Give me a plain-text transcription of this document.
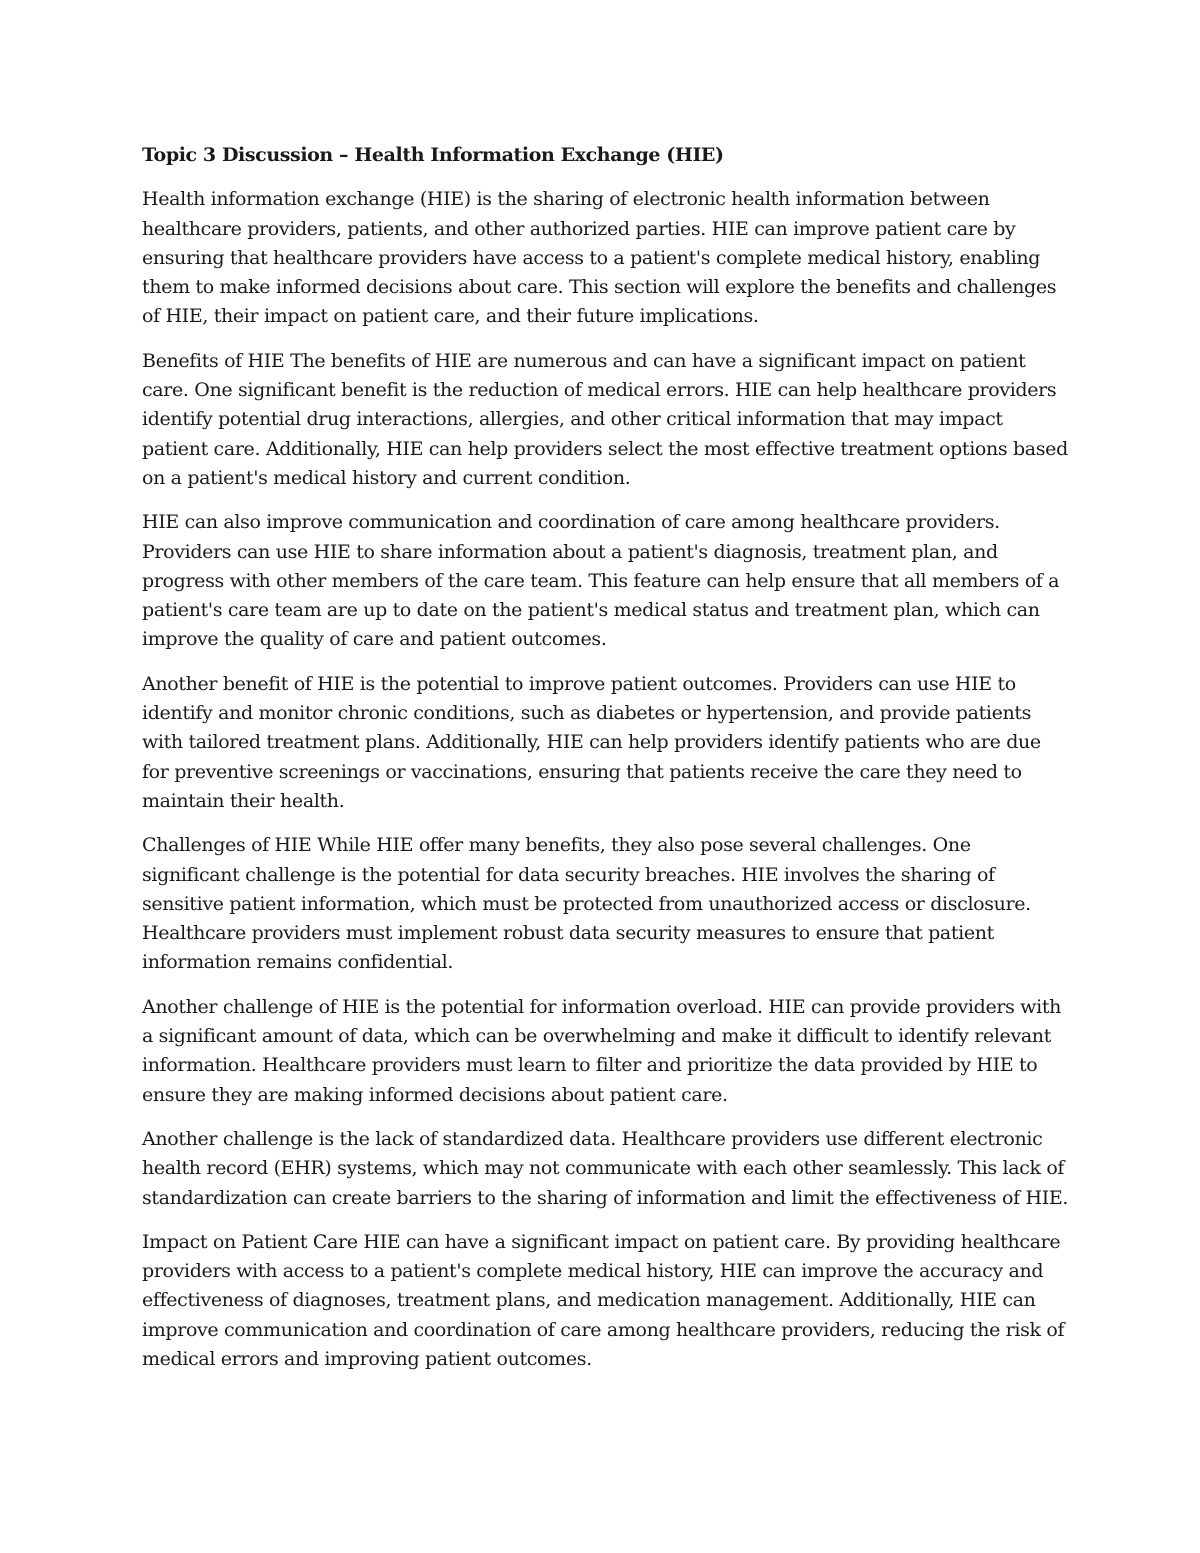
Topic 3 Discussion – Health Information Exchange (HIE)

Health information exchange (HIE) is the sharing of electronic health information between healthcare providers, patients, and other authorized parties. HIE can improve patient care by ensuring that healthcare providers have access to a patient's complete medical history, enabling them to make informed decisions about care. This section will explore the benefits and challenges of HIE, their impact on patient care, and their future implications.

Benefits of HIE The benefits of HIE are numerous and can have a significant impact on patient care. One significant benefit is the reduction of medical errors. HIE can help healthcare providers identify potential drug interactions, allergies, and other critical information that may impact patient care. Additionally, HIE can help providers select the most effective treatment options based on a patient's medical history and current condition.

HIE can also improve communication and coordination of care among healthcare providers. Providers can use HIE to share information about a patient's diagnosis, treatment plan, and progress with other members of the care team. This feature can help ensure that all members of a patient's care team are up to date on the patient's medical status and treatment plan, which can improve the quality of care and patient outcomes.

Another benefit of HIE is the potential to improve patient outcomes. Providers can use HIE to identify and monitor chronic conditions, such as diabetes or hypertension, and provide patients with tailored treatment plans. Additionally, HIE can help providers identify patients who are due for preventive screenings or vaccinations, ensuring that patients receive the care they need to maintain their health.

Challenges of HIE While HIE offer many benefits, they also pose several challenges. One significant challenge is the potential for data security breaches. HIE involves the sharing of sensitive patient information, which must be protected from unauthorized access or disclosure. Healthcare providers must implement robust data security measures to ensure that patient information remains confidential.

Another challenge of HIE is the potential for information overload. HIE can provide providers with a significant amount of data, which can be overwhelming and make it difficult to identify relevant information. Healthcare providers must learn to filter and prioritize the data provided by HIE to ensure they are making informed decisions about patient care.

Another challenge is the lack of standardized data. Healthcare providers use different electronic health record (EHR) systems, which may not communicate with each other seamlessly. This lack of standardization can create barriers to the sharing of information and limit the effectiveness of HIE.

Impact on Patient Care HIE can have a significant impact on patient care. By providing healthcare providers with access to a patient's complete medical history, HIE can improve the accuracy and effectiveness of diagnoses, treatment plans, and medication management. Additionally, HIE can improve communication and coordination of care among healthcare providers, reducing the risk of medical errors and improving patient outcomes.
